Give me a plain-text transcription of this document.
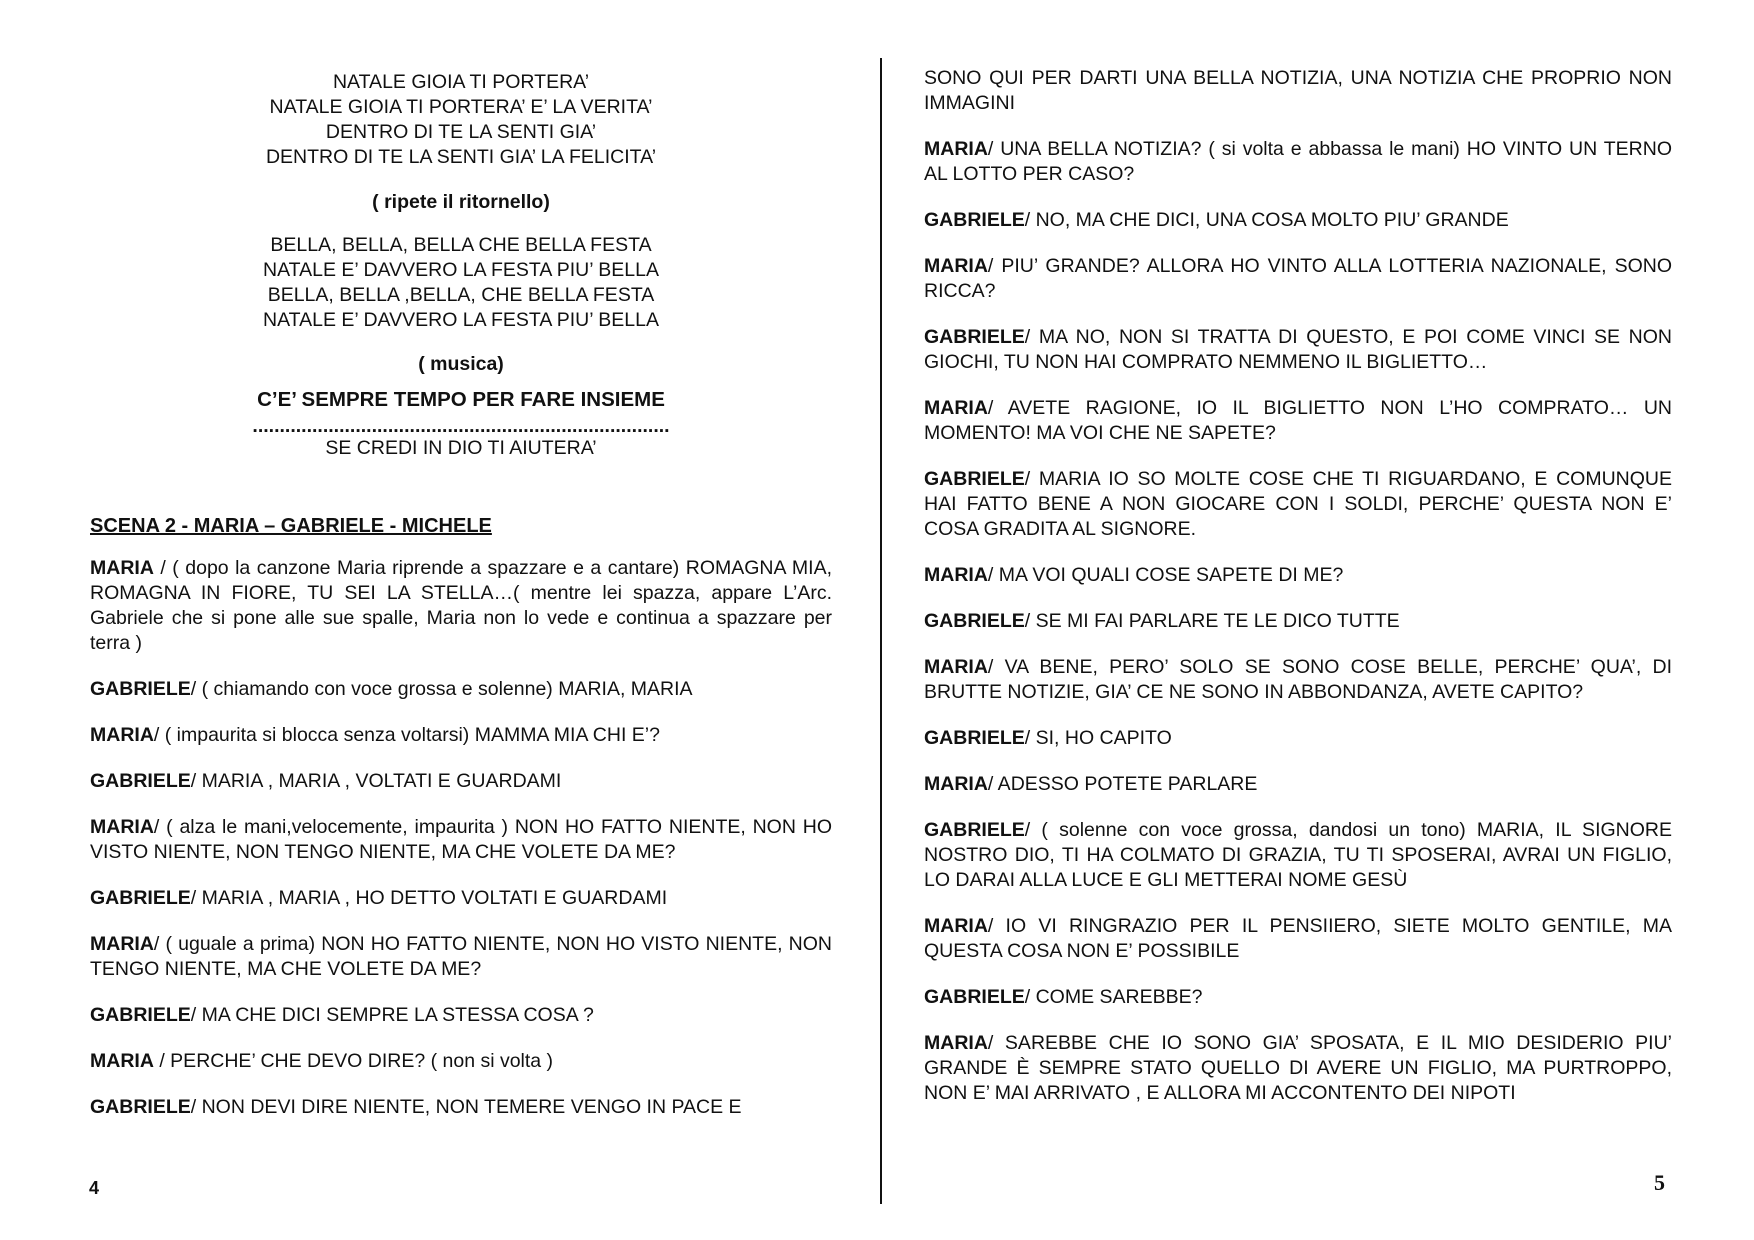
NATALE GIOIA TI PORTERA’
NATALE GIOIA TI PORTERA’ E’ LA VERITA’
DENTRO DI TE LA SENTI GIA’
DENTRO DI TE LA SENTI GIA’ LA FELICITA’
( ripete il ritornello)
BELLA, BELLA, BELLA CHE BELLA FESTA
NATALE E’ DAVVERO LA FESTA PIU’ BELLA
BELLA, BELLA ,BELLA, CHE BELLA FESTA
NATALE E’ DAVVERO LA FESTA PIU’ BELLA
( musica)
C’E’ SEMPRE TEMPO PER FARE INSIEME
.............................................................................
SE CREDI IN DIO TI AIUTERA’
SCENA 2 - MARIA – GABRIELE - MICHELE

MARIA / ( dopo la canzone Maria riprende a spazzare e a cantare) ROMAGNA MIA, ROMAGNA IN FIORE, TU SEI LA STELLA…( mentre lei spazza, appare L’Arc. Gabriele che si pone alle sue spalle, Maria non lo vede e continua a spazzare per terra )

GABRIELE/ ( chiamando con voce grossa e solenne) MARIA, MARIA

MARIA/ ( impaurita si blocca senza voltarsi) MAMMA MIA CHI E’?

GABRIELE/ MARIA , MARIA , VOLTATI E GUARDAMI

MARIA/ ( alza le mani,velocemente, impaurita ) NON HO FATTO NIENTE, NON HO VISTO NIENTE, NON TENGO NIENTE, MA CHE VOLETE DA ME?

GABRIELE/ MARIA , MARIA , HO DETTO VOLTATI E GUARDAMI

MARIA/ ( uguale a prima) NON HO FATTO NIENTE, NON HO VISTO NIENTE, NON TENGO NIENTE, MA CHE VOLETE DA ME?

GABRIELE/ MA CHE DICI SEMPRE LA STESSA COSA ?

MARIA / PERCHE’ CHE DEVO DIRE? ( non si volta )

GABRIELE/ NON DEVI DIRE NIENTE, NON TEMERE VENGO IN PACE E

4

SONO QUI PER DARTI UNA BELLA NOTIZIA, UNA NOTIZIA CHE PROPRIO NON IMMAGINI

MARIA/ UNA BELLA NOTIZIA? ( si volta e abbassa le mani) HO VINTO UN TERNO AL LOTTO PER CASO?

GABRIELE/ NO, MA CHE DICI, UNA COSA MOLTO PIU’ GRANDE

MARIA/ PIU’ GRANDE? ALLORA HO VINTO ALLA LOTTERIA NAZIONALE, SONO RICCA?

GABRIELE/ MA NO, NON SI TRATTA DI QUESTO, E POI COME VINCI SE NON GIOCHI, TU NON HAI COMPRATO NEMMENO IL BIGLIETTO…

MARIA/ AVETE RAGIONE, IO IL BIGLIETTO NON L’HO COMPRATO… UN MOMENTO! MA VOI CHE NE SAPETE?

GABRIELE/ MARIA IO SO MOLTE COSE CHE TI RIGUARDANO, E COMUNQUE HAI FATTO BENE A NON GIOCARE CON I SOLDI, PERCHE’ QUESTA NON E’ COSA GRADITA AL SIGNORE.

MARIA/ MA VOI QUALI COSE SAPETE DI ME?

GABRIELE/ SE MI FAI PARLARE TE LE DICO TUTTE

MARIA/ VA BENE, PERO’ SOLO SE SONO COSE BELLE, PERCHE’ QUA’, DI BRUTTE NOTIZIE, GIA’ CE NE SONO IN ABBONDANZA, AVETE CAPITO?

GABRIELE/ SI, HO CAPITO

MARIA/ ADESSO POTETE PARLARE

GABRIELE/ ( solenne con voce grossa, dandosi un tono) MARIA, IL SIGNORE NOSTRO DIO, TI HA COLMATO DI GRAZIA, TU TI SPOSERAI, AVRAI UN FIGLIO, LO DARAI ALLA LUCE E GLI METTERAI NOME GESÙ

MARIA/ IO VI RINGRAZIO PER IL PENSIIERO, SIETE MOLTO GENTILE, MA QUESTA COSA NON E’ POSSIBILE

GABRIELE/ COME SAREBBE?

MARIA/ SAREBBE CHE IO SONO GIA’ SPOSATA, E IL MIO DESIDERIO PIU’ GRANDE È SEMPRE STATO QUELLO DI AVERE UN FIGLIO, MA PURTROPPO, NON E’ MAI ARRIVATO , E ALLORA MI ACCONTENTO DEI NIPOTI

5
